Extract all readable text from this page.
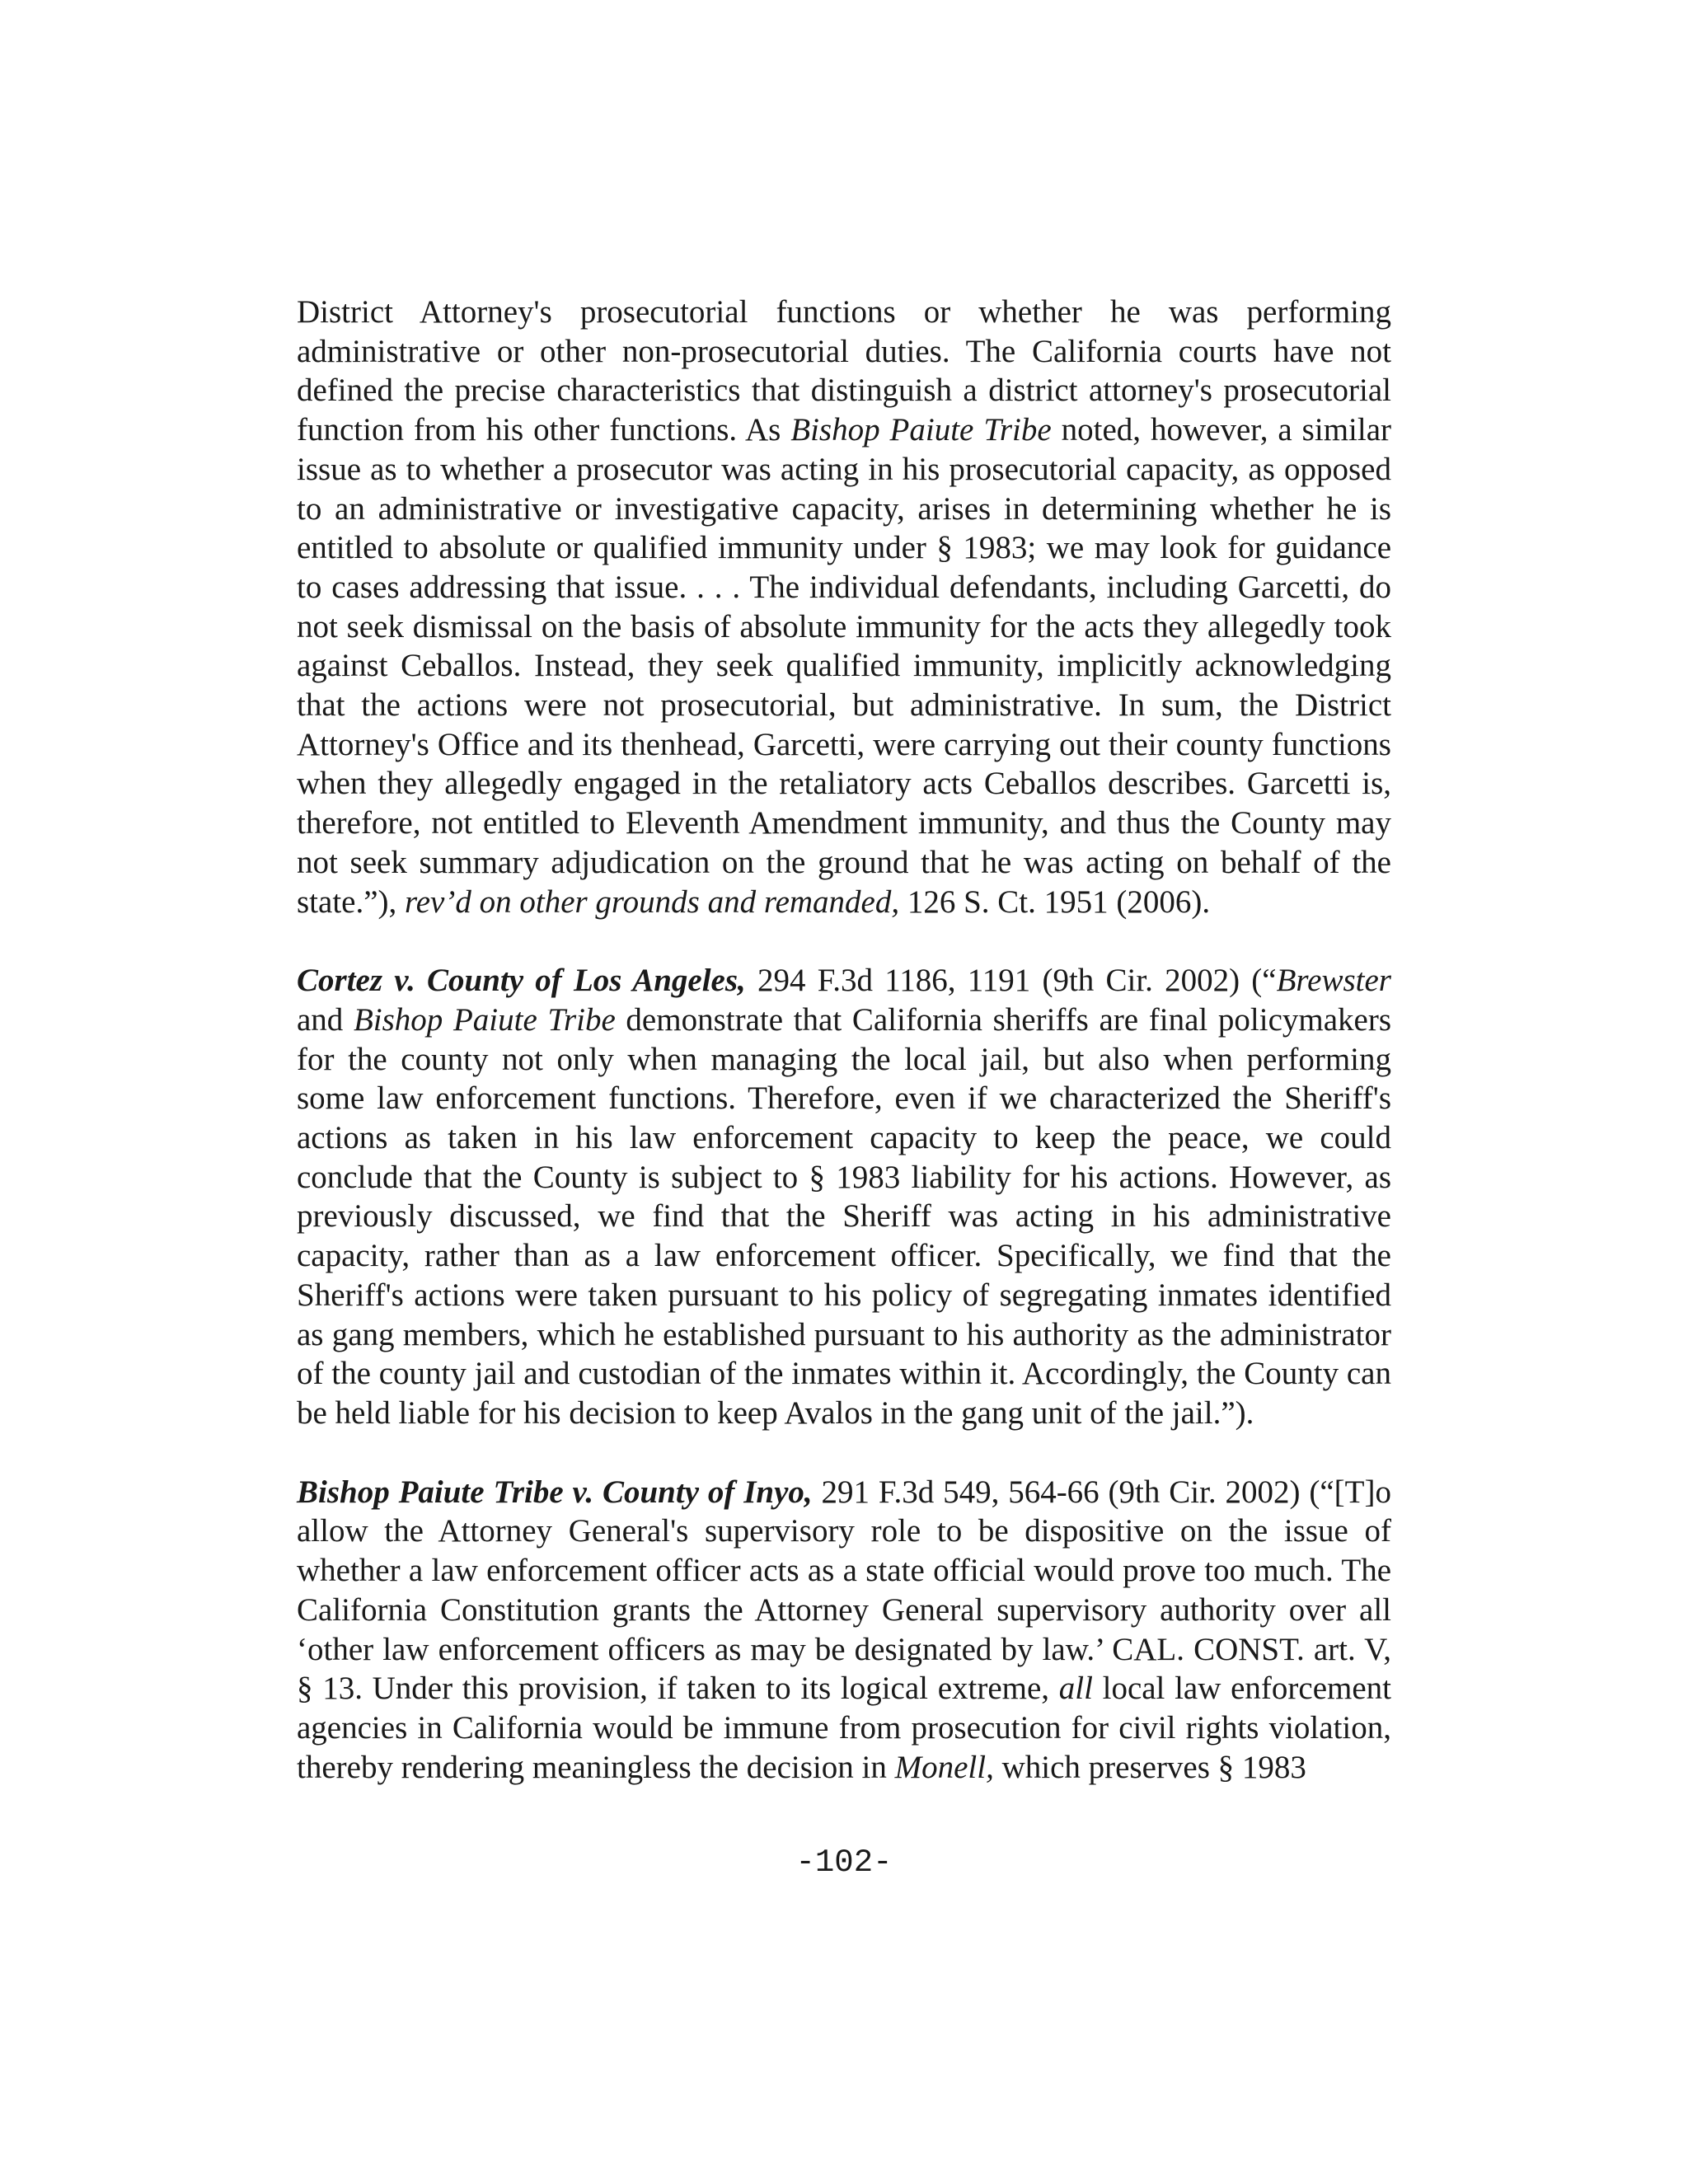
District Attorney's prosecutorial functions or whether he was performing administrative or other non-prosecutorial duties. The California courts have not defined the precise characteristics that distinguish a district attorney's prosecutorial function from his other functions. As Bishop Paiute Tribe noted, however, a similar issue as to whether a prosecutor was acting in his prosecutorial capacity, as opposed to an administrative or investigative capacity, arises in determining whether he is entitled to absolute or qualified immunity under § 1983; we may look for guidance to cases addressing that issue. . . . The individual defendants, including Garcetti, do not seek dismissal on the basis of absolute immunity for the acts they allegedly took against Ceballos. Instead, they seek qualified immunity, implicitly acknowledging that the actions were not prosecutorial, but administrative. In sum, the District Attorney's Office and its thenhead, Garcetti, were carrying out their county functions when they allegedly engaged in the retaliatory acts Ceballos describes. Garcetti is, therefore, not entitled to Eleventh Amendment immunity, and thus the County may not seek summary adjudication on the ground that he was acting on behalf of the state.”), rev’d on other grounds and remanded, 126 S. Ct. 1951 (2006).

Cortez v. County of Los Angeles, 294 F.3d 1186, 1191 (9th Cir. 2002) (“Brewster and Bishop Paiute Tribe demonstrate that California sheriffs are final policymakers for the county not only when managing the local jail, but also when performing some law enforcement functions. Therefore, even if we characterized the Sheriff's actions as taken in his law enforcement capacity to keep the peace, we could conclude that the County is subject to § 1983 liability for his actions. However, as previously discussed, we find that the Sheriff was acting in his administrative capacity, rather than as a law enforcement officer. Specifically, we find that the Sheriff's actions were taken pursuant to his policy of segregating inmates identified as gang members, which he established pursuant to his authority as the administrator of the county jail and custodian of the inmates within it. Accordingly, the County can be held liable for his decision to keep Avalos in the gang unit of the jail.”).

Bishop Paiute Tribe v. County of Inyo, 291 F.3d 549, 564-66 (9th Cir. 2002) (“[T]o allow the Attorney General's supervisory role to be dispositive on the issue of whether a law enforcement officer acts as a state official would prove too much. The California Constitution grants the Attorney General supervisory authority over all ‘other law enforcement officers as may be designated by law.’ CAL. CONST. art. V, § 13. Under this provision, if taken to its logical extreme, all local law enforcement agencies in California would be immune from prosecution for civil rights violation, thereby rendering meaningless the decision in Monell, which preserves § 1983

-102-
